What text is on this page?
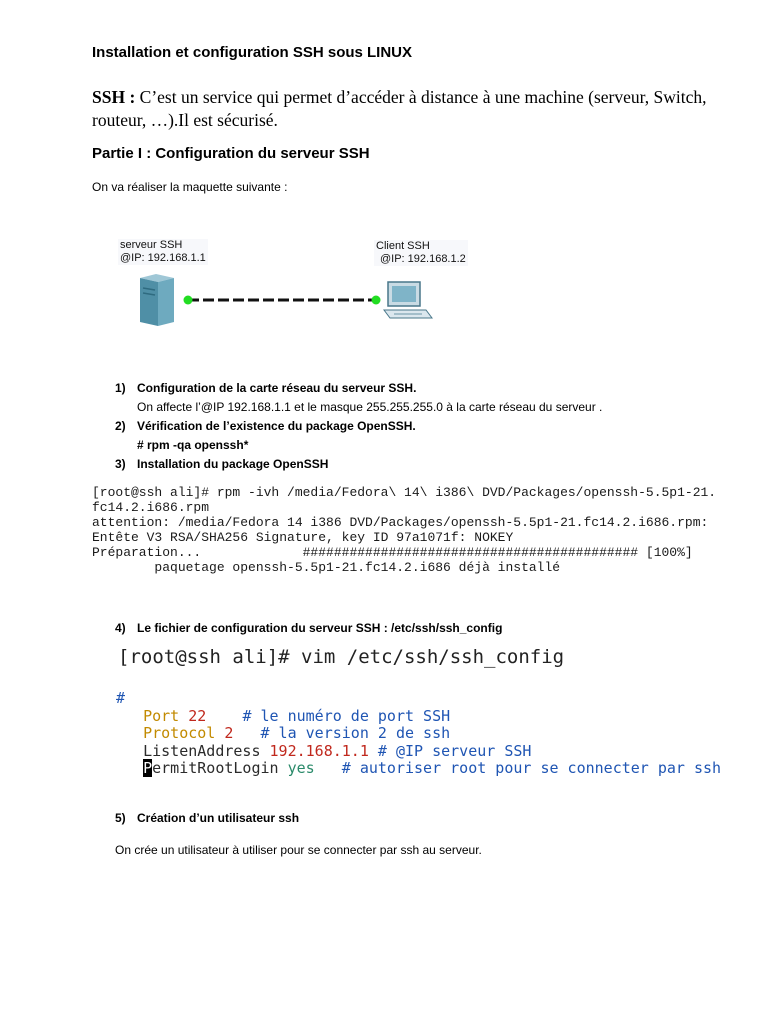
Installation et configuration SSH sous LINUX
SSH : C’est un service qui permet d’accéder à distance à une machine (serveur, Switch, routeur, …).Il est sécurisé.
Partie I : Configuration du serveur SSH
On va réaliser la maquette suivante :
serveur SSH
@IP: 192.168.1.1
Client SSH
@IP: 192.168.1.2
1) Configuration de la carte réseau du serveur SSH.
On affecte l’@IP 192.168.1.1 et le masque 255.255.255.0 à la carte réseau du serveur .
2) Vérification de l’existence du package OpenSSH.
# rpm -qa openssh*
3) Installation du package OpenSSH
[root@ssh ali]# rpm -ivh /media/Fedora\ 14\ i386\ DVD/Packages/openssh-5.5p1-21.
fc14.2.i686.rpm
attention: /media/Fedora 14 i386 DVD/Packages/openssh-5.5p1-21.fc14.2.i686.rpm:
Entête V3 RSA/SHA256 Signature, key ID 97a1071f: NOKEY
Préparation...             ########################################### [100%]
paquetage openssh-5.5p1-21.fc14.2.i686 déjà installé
4) Le fichier de configuration du serveur SSH : /etc/ssh/ssh_config
[root@ssh ali]# vim /etc/ssh/ssh_config
#
Port 22 # le numéro de port SSH
Protocol 2 # la version 2 de ssh
ListenAddress 192.168.1.1 # @IP serveur SSH
PermitRootLogin yes # autoriser root pour se connecter par ssh
5) Création d’un utilisateur ssh
On crée un utilisateur à utiliser pour se connecter par ssh au serveur.
